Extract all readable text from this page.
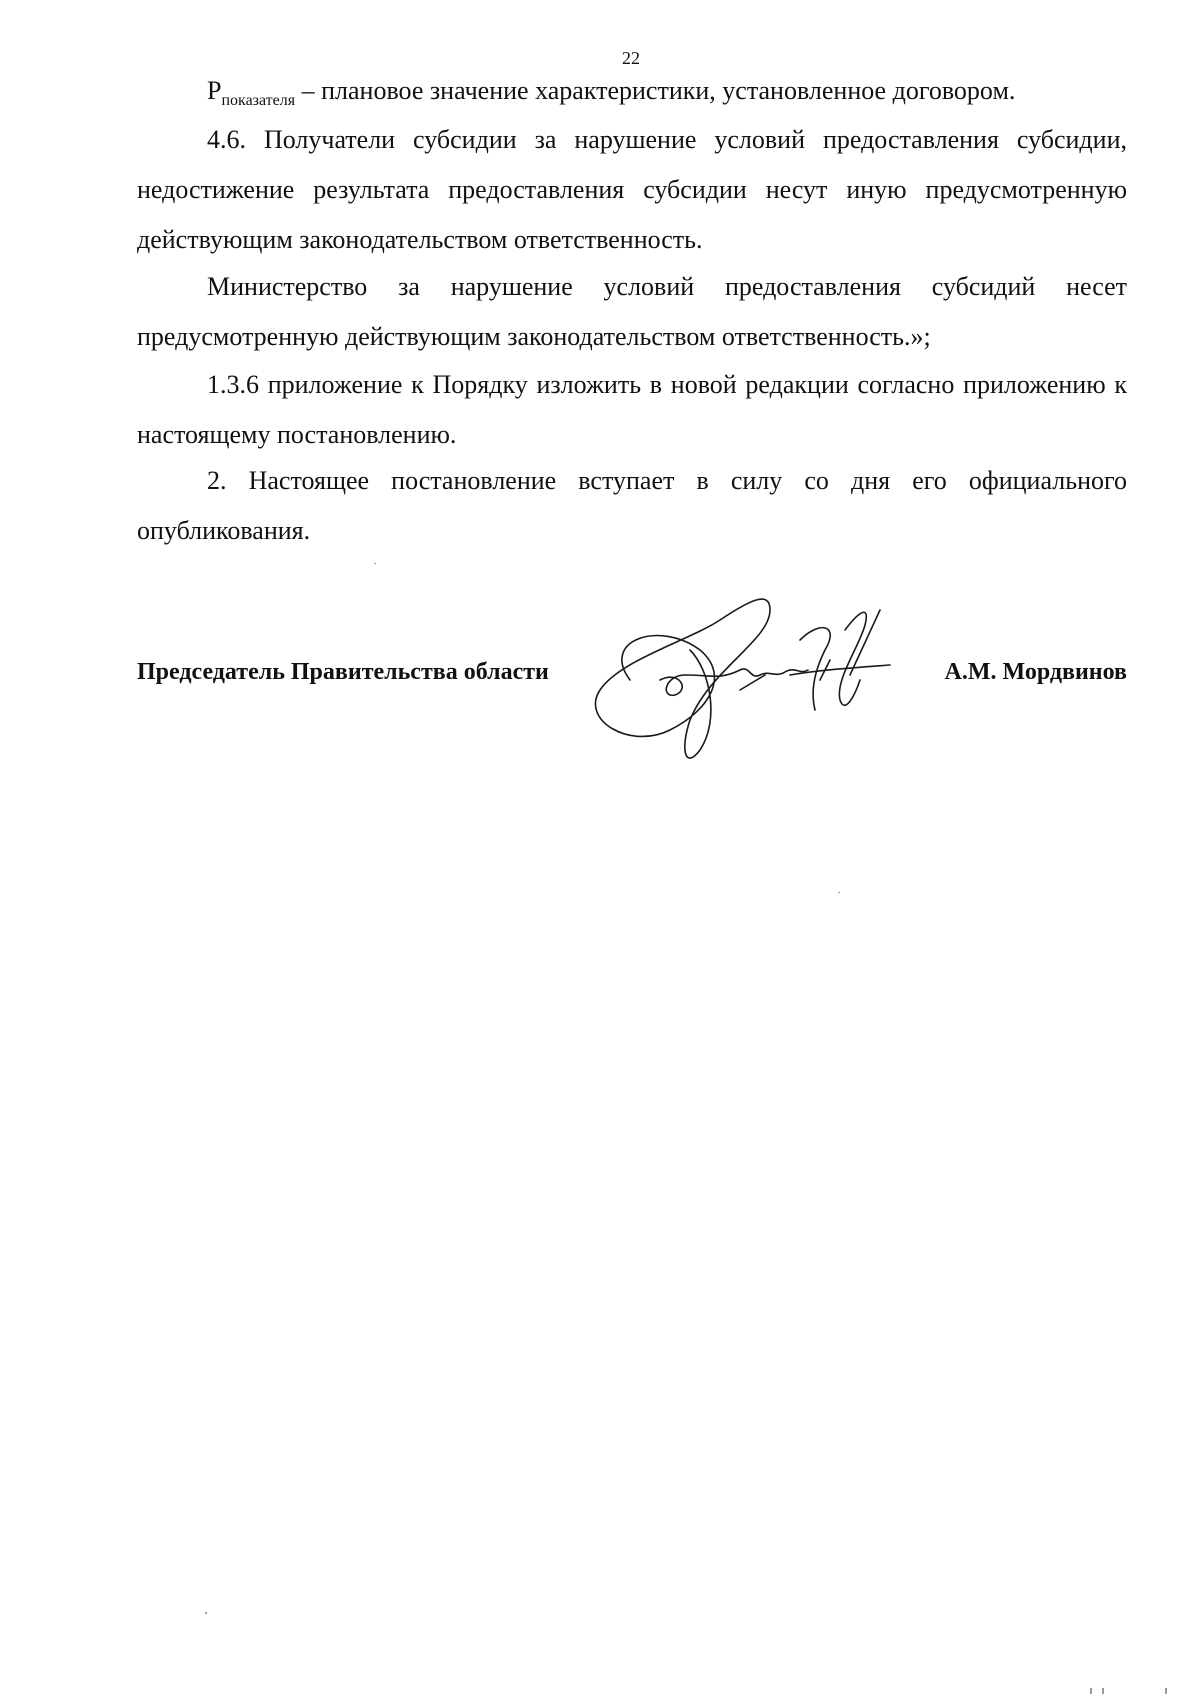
22
$P_{показателя}$ – плановое значение характеристики, установленное договором.

4.6. Получатели субсидии за нарушение условий предоставления субсидии, недостижение результата предоставления субсидии несут иную предусмотренную действующим законодательством ответственность.

Министерство за нарушение условий предоставления субсидий несет предусмотренную действующим законодательством ответственность.»;

1.3.6 приложение к Порядку изложить в новой редакции согласно приложению к настоящему постановлению.

2. Настоящее постановление вступает в силу со дня его официального опубликования.

Председатель Правительства области	А.М. Мордвинов
